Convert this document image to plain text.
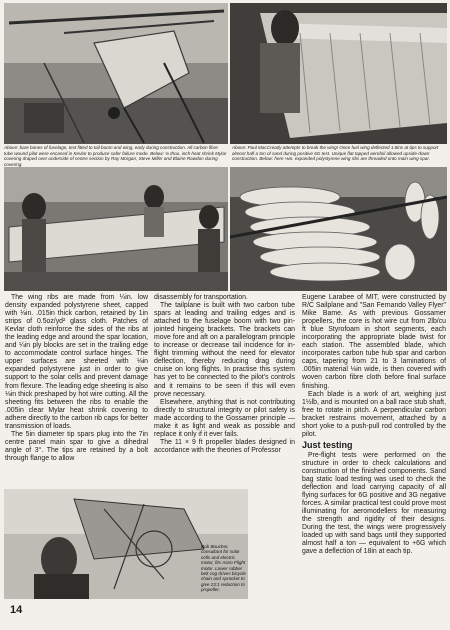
Above: bare bones of fuselage, test fitted to tail boom and wing, early during construction. All carbon fibre tube wound pilot were encased in Kevlar to produce safer failure mode. Below: ⅛ thou. inch heat shrink Mylar covering draped over underside of centre section by Ray Morgan, Steve Miller and Blaine Rawdon during covering.
Above: Paul MacCready attempts to break the wing! Once fuel wing deflected 1.8ins at tips to support almost half a ton of sand during positive 6G test. Unique flat tapped aerofoil allowed upside-down construction. Below: here ⅛in. expanded polystyrene wing ribs are threaded onto main wing spar.

The wing ribs are made from ¼in. low density expanded polystyrene sheet, capped with ⅛in. .015in thick carbon, retained by 1in strips of 0.5oz/yd² glass cloth. Patches of Kevlar cloth reinforce the sides of the ribs at the leading edge and around the spar location, and ¼in ply blocks are set in the trailing edge to accommodate control surface hinges. The upper surfaces are sheeted with ⅛in expanded polystyrene just in order to give support to the solar cells and prevent damage from flexure. The leading edge sheeting is also ⅛in thick preshaped by hot wire cutting. All the sheeting fits between the ribs to enable the .005in clear Mylar heat shrink covering to adhere directly to the carbon rib caps for better transmission of loads.

The 5in diameter tip spars plug into the 7in centre panel main spar to give a dihedral angle of 3°. The tips are retained by a bolt through flange to allow

disassembly for transportation.

The tailplane is built with two carbon tube spars at leading and trailing edges and is attached to the fuselage boom with two pin-jointed hingeing brackets. The brackets can move fore and aft on a parallelogram principle to increase or decrease tail incidence for in-flight trimming without the need for elevator deflection, thereby reducing drag during cruise on long flights. In practise this system has yet to be connected to the pilot's controls and it remains to be seen if this will even prove necessary.

Elsewhere, anything that is not contributing directly to structural integrity or pilot safety is made according to the Gossamer principle — make it as light and weak as possible and replace it only if it ever fails.

The 11 × 9 ft propeller blades designed in accordance with the theories of Professor

Eugene Larabee of MIT, were constructed by R/C Sailplane and "San Fernando Valley Flyer" Mike Bame. As with previous Gossamer propellers, the core is hot wire cut from 2lb/cu ft blue Styrofoam in short segments, each incorporating the appropriate blade twist for each station. The assembled blade, which incorporates carbon tube hub spar and carbon caps, tapering from 21 to 3 laminations of .005in material ⅛in wide, is then covered with woven carbon fibre cloth before final surface finishing.

Each blade is a work of art, weighing just 1½lb, and is mounted on a ball race stub shaft, free to rotate in pitch. A perpendicular carbon bracket restrains movement, attached by a short yoke to a push-pull rod controlled by the pilot.

Just testing

Pre-flight tests were performed on the structure in order to check calculations and construction of the finished components. Sand bag static load testing was used to check the deflection and load carrying capacity of all flying surfaces for 6G positive and 3G negative forces. A similar practical test could prove most illuminating for aeromodellers for measuring the strength and rigidity of their designs. During the test, the wings were progressively loaded up with sand bags until they supported almost half a ton — equivalent to +6G which gave a deflection of 18in at each tip.

Bob Boucher, consultant for solar cells and electric motor, fits Astro Flight motor. Lower rubber belt cog drives bicycle chain and sprocket to give 23:1 reduction to propeller.
14
